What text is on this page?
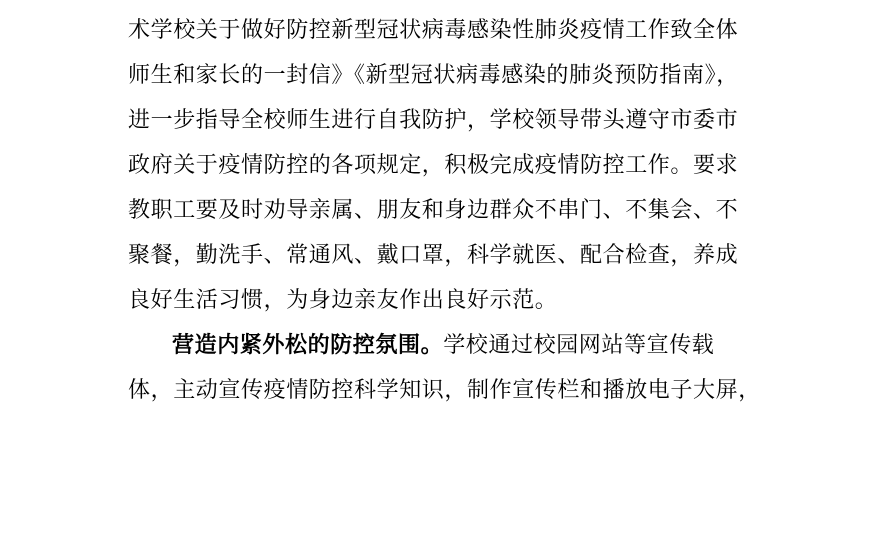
术学校关于做好防控新型冠状病毒感染性肺炎疫情工作致全体
师生和家长的一封信》《新型冠状病毒感染的肺炎预防指南》，
进一步指导全校师生进行自我防护，学校领导带头遵守市委市
政府关于疫情防控的各项规定，积极完成疫情防控工作。要求
教职工要及时劝导亲属、朋友和身边群众不串门、不集会、不
聚餐，勤洗手、常通风、戴口罩，科学就医、配合检查，养成
良好生活习惯，为身边亲友作出良好示范。
营造内紧外松的防控氛围。学校通过校园网站等宣传载
体，主动宣传疫情防控科学知识，制作宣传栏和播放电子大屏，
